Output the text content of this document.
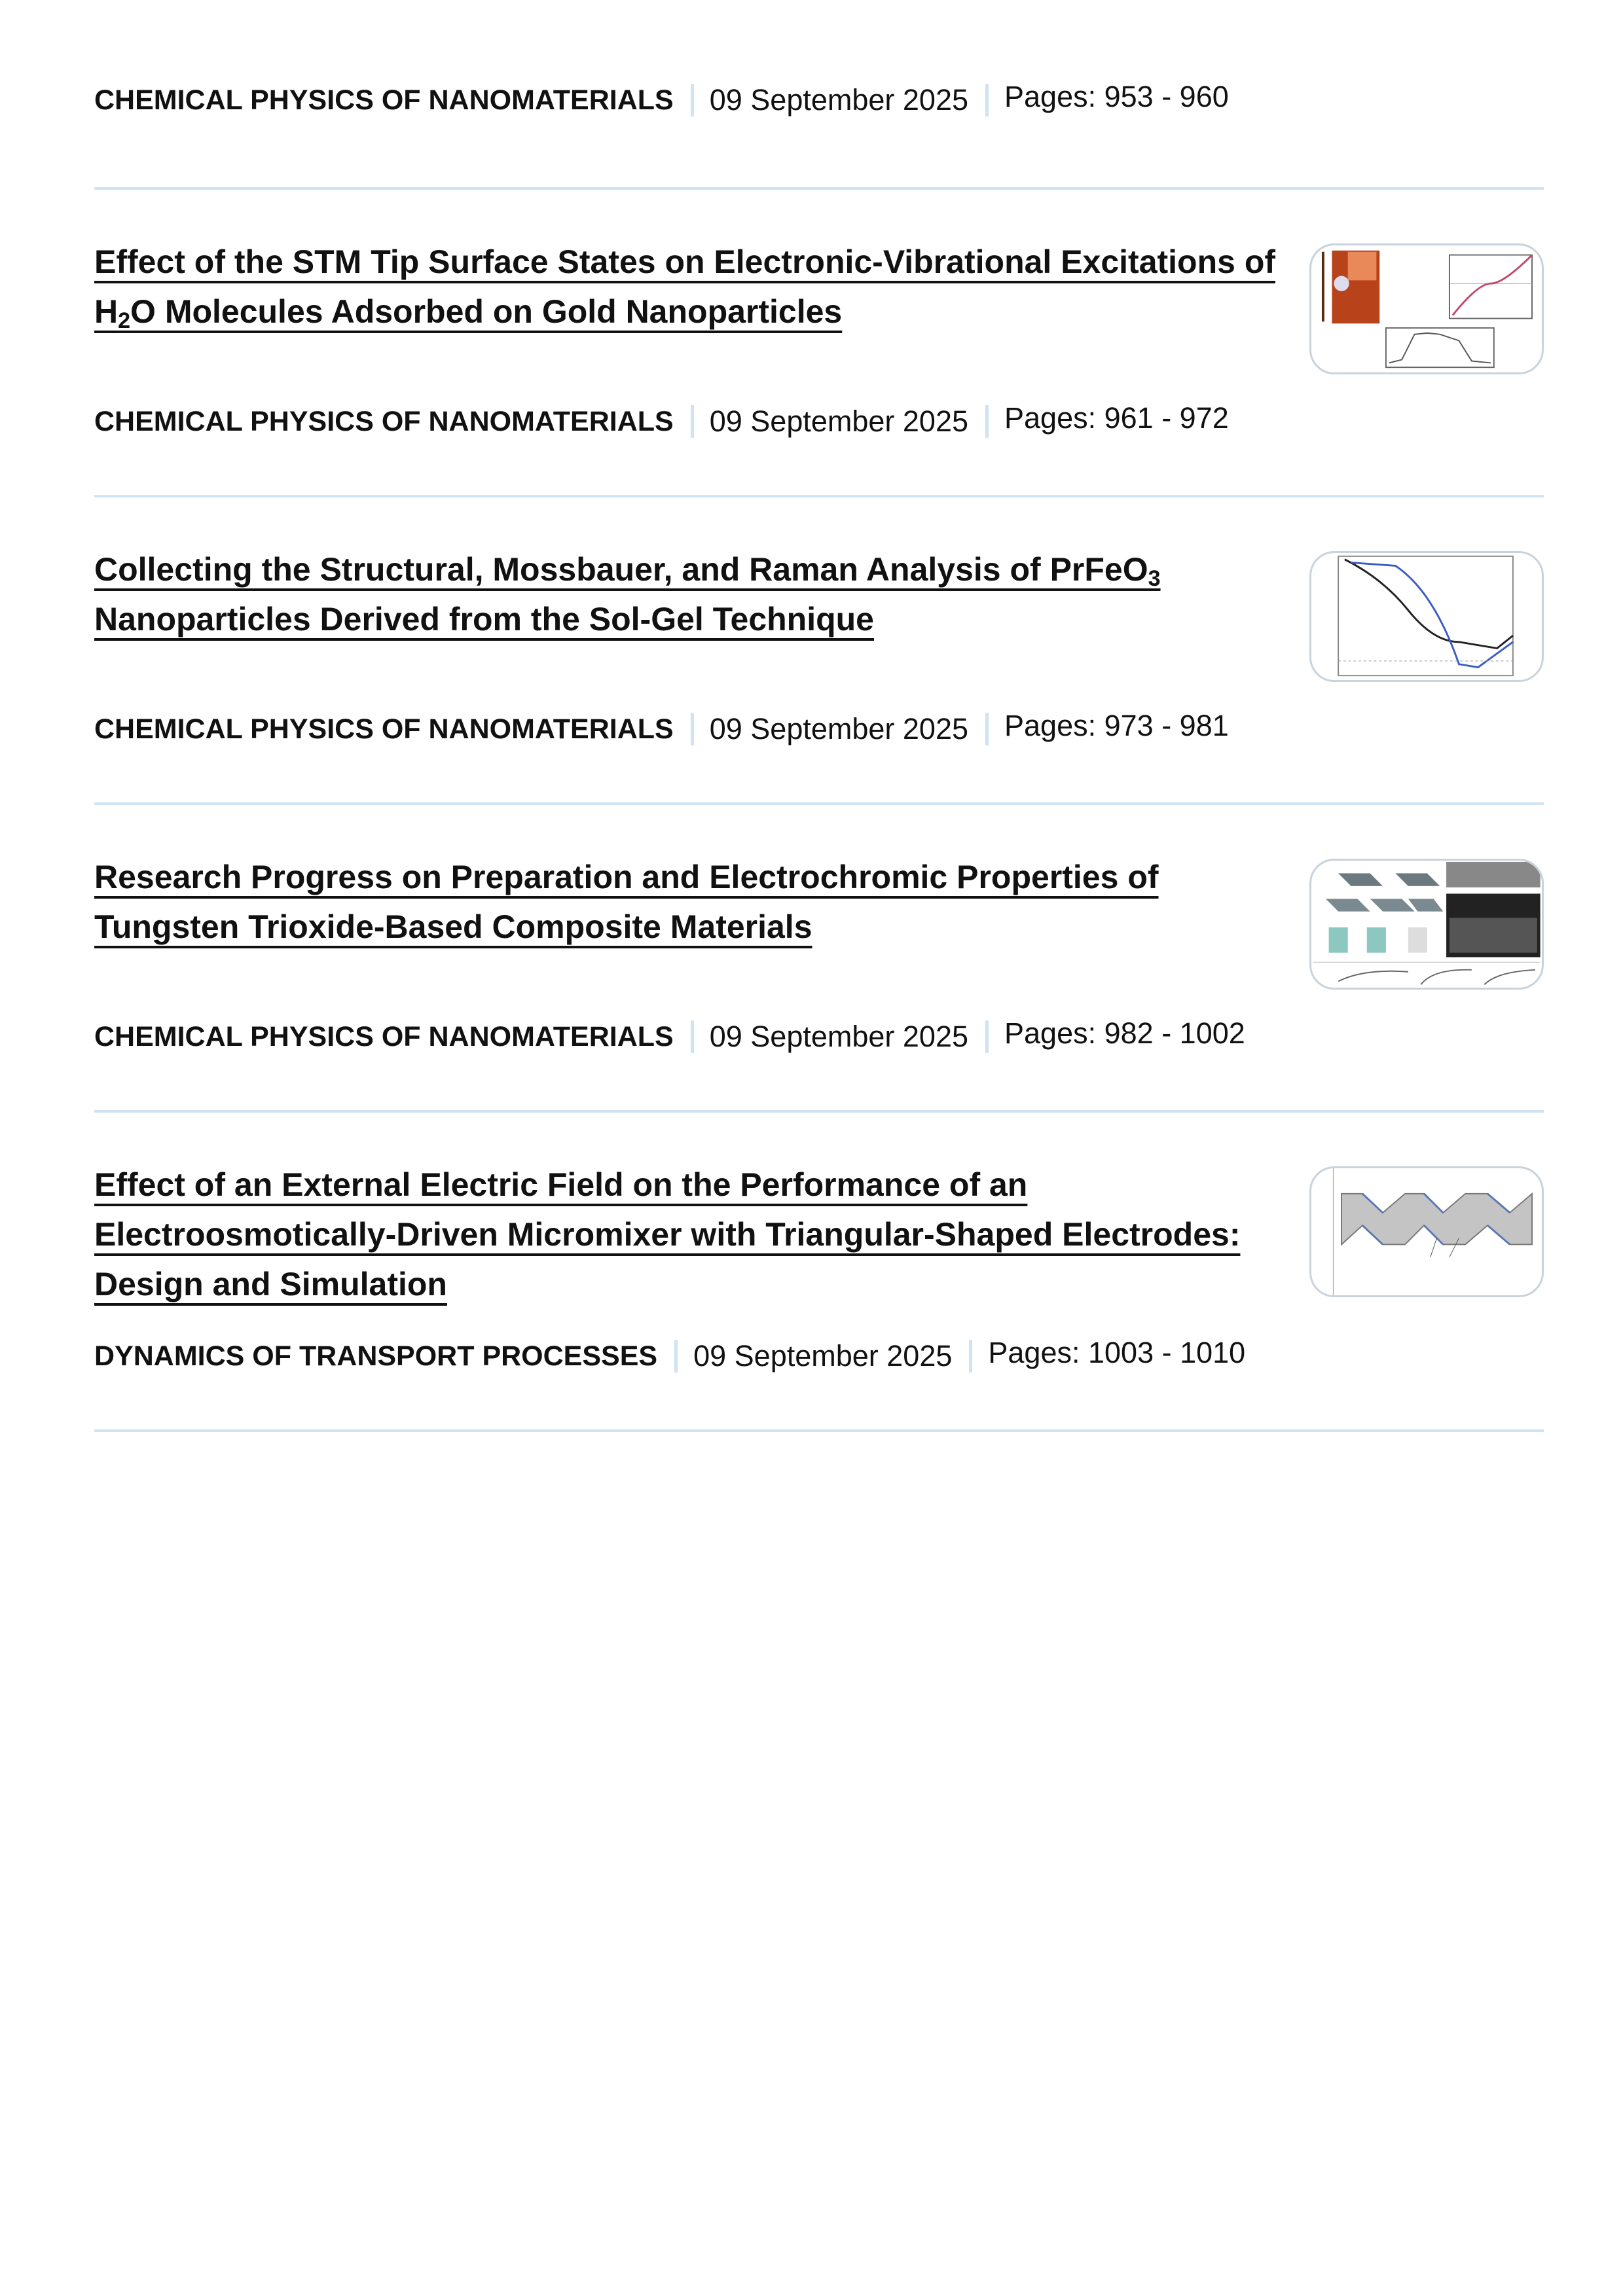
CHEMICAL PHYSICS OF NANOMATERIALS 09 September 2025 Pages: 953 - 960
Effect of the STM Tip Surface States on Electronic-Vibrational Excitations of $H_2O$ Molecules Adsorbed on Gold Nanoparticles
CHEMICAL PHYSICS OF NANOMATERIALS 09 September 2025 Pages: 961 - 972
Collecting the Structural, Mossbauer, and Raman Analysis of PrFeO$_3$ Nanoparticles Derived from the Sol-Gel Technique
CHEMICAL PHYSICS OF NANOMATERIALS 09 September 2025 Pages: 973 - 981
Research Progress on Preparation and Electrochromic Properties of Tungsten Trioxide-Based Composite Materials
CHEMICAL PHYSICS OF NANOMATERIALS 09 September 2025 Pages: 982 - 1002
Effect of an External Electric Field on the Performance of an Electroosmotically-Driven Micromixer with Triangular-Shaped Electrodes: Design and Simulation
DYNAMICS OF TRANSPORT PROCESSES 09 September 2025 Pages: 1003 - 1010
